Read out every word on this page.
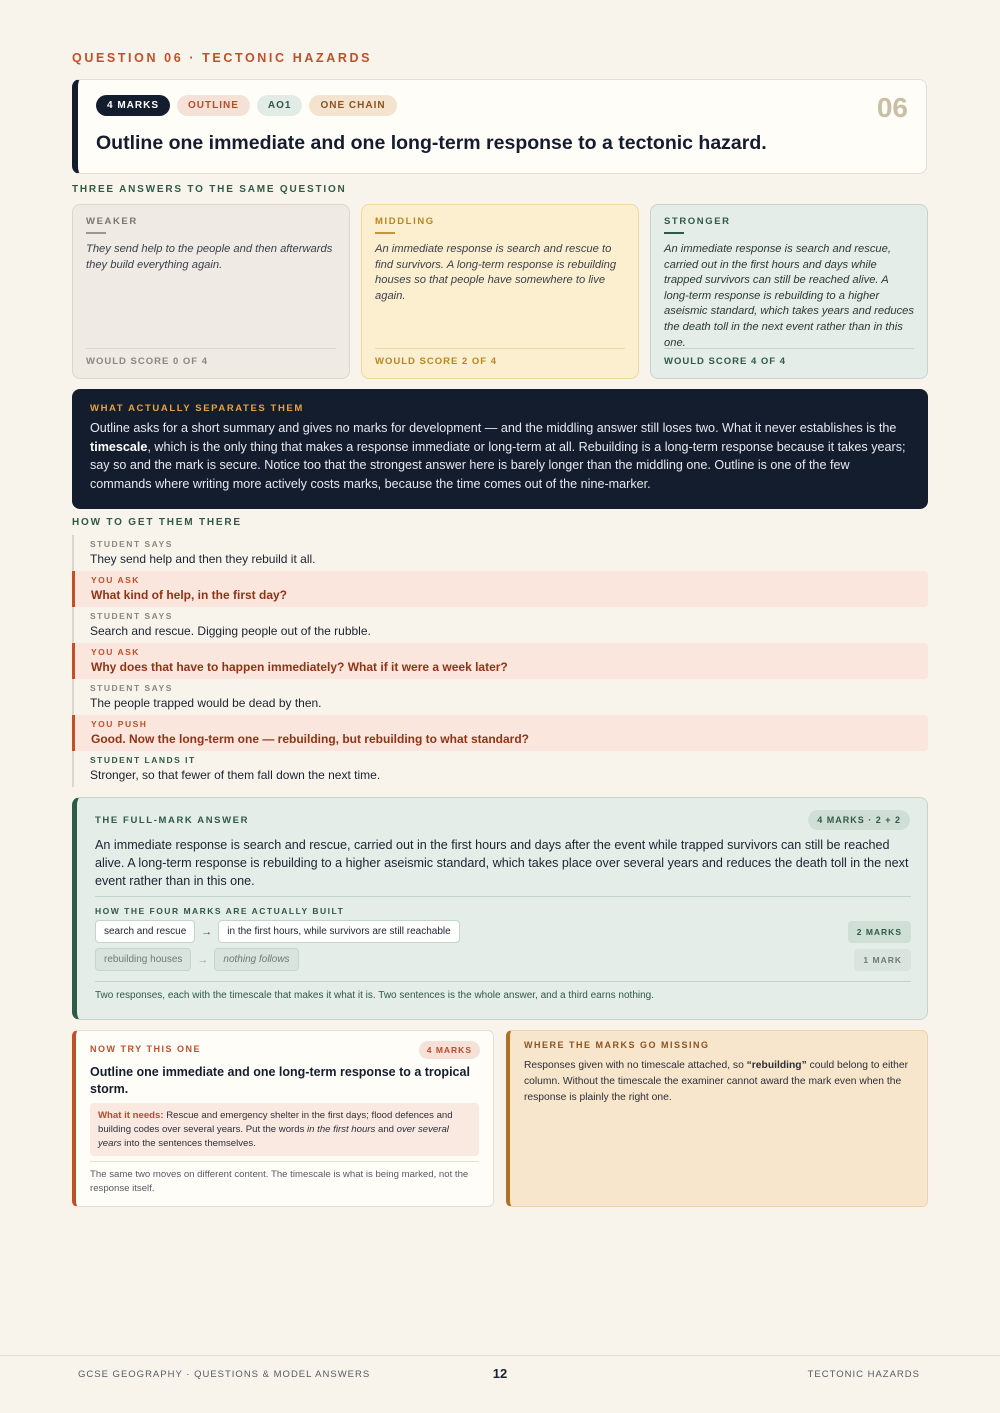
QUESTION 06 · TECTONIC HAZARDS
4 MARKS	OUTLINE	AO1	ONE CHAIN	06
Outline one immediate and one long-term response to a tectonic hazard.
THREE ANSWERS TO THE SAME QUESTION
WEAKER
They send help to the people and then afterwards they build everything again.
WOULD SCORE 0 OF 4
MIDDLING
An immediate response is search and rescue to find survivors. A long-term response is rebuilding houses so that people have somewhere to live again.
WOULD SCORE 2 OF 4
STRONGER
An immediate response is search and rescue, carried out in the first hours and days while trapped survivors can still be reached alive. A long-term response is rebuilding to a higher aseismic standard, which takes years and reduces the death toll in the next event rather than in this one.
WOULD SCORE 4 OF 4
WHAT ACTUALLY SEPARATES THEM
Outline asks for a short summary and gives no marks for development — and the middling answer still loses two. What it never establishes is the timescale, which is the only thing that makes a response immediate or long-term at all. Rebuilding is a long-term response because it takes years; say so and the mark is secure. Notice too that the strongest answer here is barely longer than the middling one. Outline is one of the few commands where writing more actively costs marks, because the time comes out of the nine-marker.
HOW TO GET THEM THERE
STUDENT SAYS
They send help and then they rebuild it all.
YOU ASK
What kind of help, in the first day?
STUDENT SAYS
Search and rescue. Digging people out of the rubble.
YOU ASK
Why does that have to happen immediately? What if it were a week later?
STUDENT SAYS
The people trapped would be dead by then.
YOU PUSH
Good. Now the long-term one — rebuilding, but rebuilding to what standard?
STUDENT LANDS IT
Stronger, so that fewer of them fall down the next time.
THE FULL-MARK ANSWER	4 MARKS · 2 + 2
An immediate response is search and rescue, carried out in the first hours and days after the event while trapped survivors can still be reached alive. A long-term response is rebuilding to a higher aseismic standard, which takes place over several years and reduces the death toll in the next event rather than in this one.
HOW THE FOUR MARKS ARE ACTUALLY BUILT
search and rescue	→	in the first hours, while survivors are still reachable	2 MARKS
rebuilding houses	→	nothing follows	1 MARK
Two responses, each with the timescale that makes it what it is. Two sentences is the whole answer, and a third earns nothing.
NOW TRY THIS ONE	4 MARKS
Outline one immediate and one long-term response to a tropical storm.
What it needs: Rescue and emergency shelter in the first days; flood defences and building codes over several years. Put the words in the first hours and over several years into the sentences themselves.
The same two moves on different content. The timescale is what is being marked, not the response itself.
WHERE THE MARKS GO MISSING
Responses given with no timescale attached, so “rebuilding” could belong to either column. Without the timescale the examiner cannot award the mark even when the response is plainly the right one.
GCSE GEOGRAPHY · QUESTIONS & MODEL ANSWERS	12	TECTONIC HAZARDS
